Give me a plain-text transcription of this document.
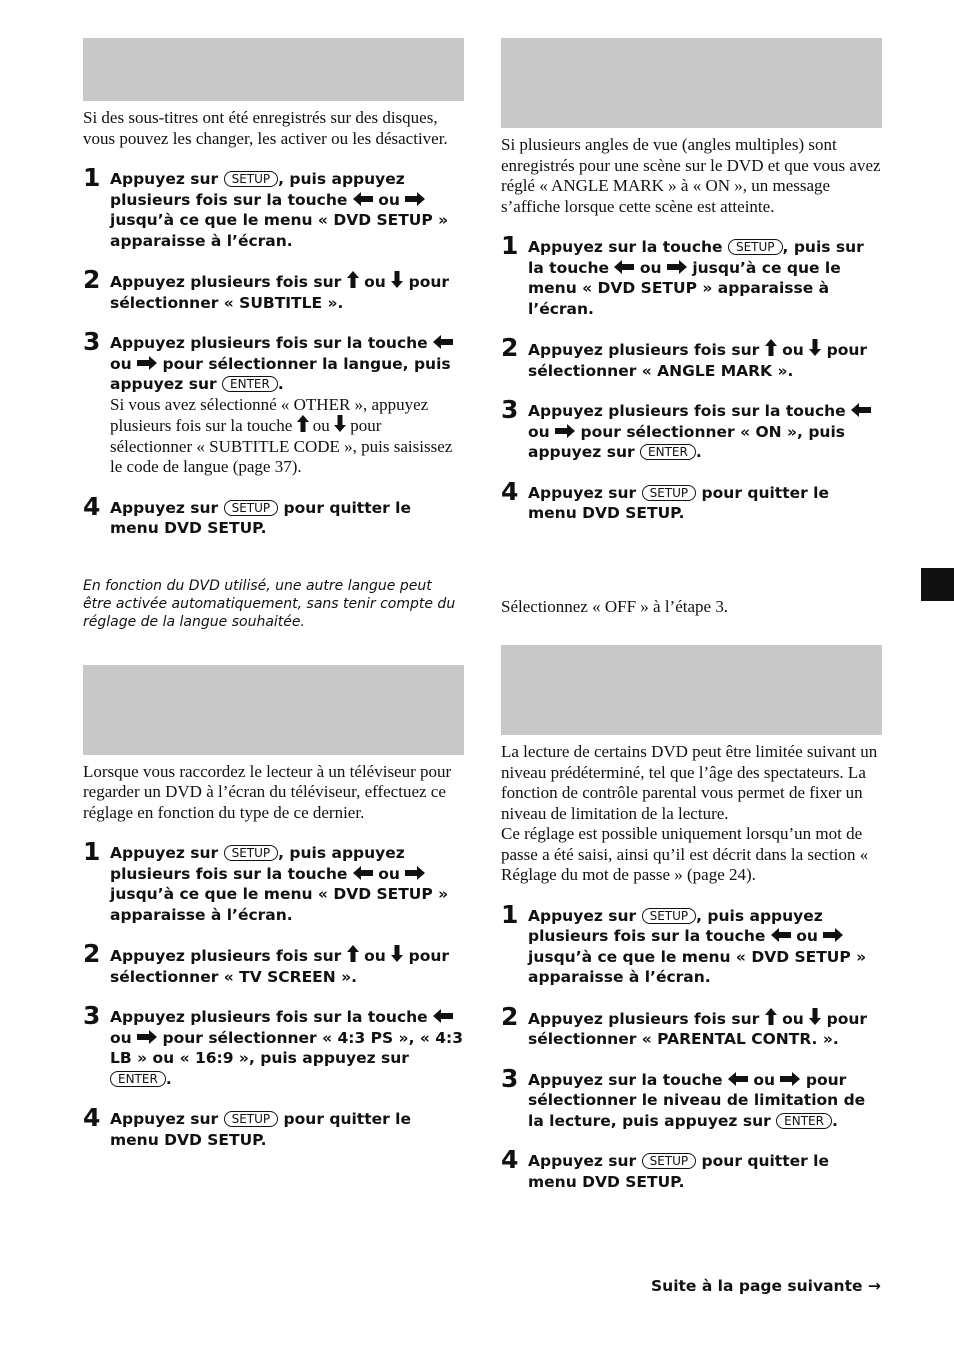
Si des sous-titres ont été enregistrés sur des disques, vous pouvez les changer, les activer ou les désactiver.

1 Appuyez sur SETUP , puis appuyez plusieurs fois sur la touche ou
jusqu’à ce que le menu « DVD SETUP » apparaisse à l’écran.
2 Appuyez plusieurs fois sur ou pour sélectionner « SUBTITLE ».
3 Appuyez plusieurs fois sur la touche
ou pour sélectionner la langue, puis appuyez sur ENTER .
Si vous avez sélectionné « OTHER », appuyez plusieurs fois sur la touche ou pour sélectionner « SUBTITLE CODE », puis saisissez le code de langue (page 37).
4 Appuyez sur SETUP pour quitter le menu DVD SETUP.

En fonction du DVD utilisé, une autre langue peut être activée automatiquement, sans tenir compte du réglage de la langue souhaitée.

Lorsque vous raccordez le lecteur à un téléviseur pour regarder un DVD à l’écran du téléviseur, effectuez ce réglage en fonction du type de ce dernier.

1 Appuyez sur SETUP , puis appuyez plusieurs fois sur la touche ou
jusqu’à ce que le menu « DVD SETUP » apparaisse à l’écran.
2 Appuyez plusieurs fois sur ou pour sélectionner « TV SCREEN ».
3 Appuyez plusieurs fois sur la touche
ou pour sélectionner « 4:3 PS », « 4:3 LB » ou « 16:9 », puis appuyez sur ENTER .
4 Appuyez sur SETUP pour quitter le menu DVD SETUP.

Si plusieurs angles de vue (angles multiples) sont enregistrés pour une scène sur le DVD et que vous avez réglé « ANGLE MARK » à « ON », un message s’affiche lorsque cette scène est atteinte.

1 Appuyez sur la touche SETUP , puis sur la touche ou jusqu’à ce que le menu « DVD SETUP » apparaisse à l’écran.
2 Appuyez plusieurs fois sur ou pour sélectionner « ANGLE MARK ».
3 Appuyez plusieurs fois sur la touche
ou pour sélectionner « ON », puis appuyez sur ENTER .
4 Appuyez sur SETUP pour quitter le menu DVD SETUP.

Sélectionnez « OFF » à l’étape 3.

La lecture de certains DVD peut être limitée suivant un niveau prédéterminé, tel que l’âge des spectateurs. La fonction de contrôle parental vous permet de fixer un niveau de limitation de la lecture.

Ce réglage est possible uniquement lorsqu’un mot de passe a été saisi, ainsi qu’il est décrit dans la section « Réglage du mot de passe » (page 24).

1 Appuyez sur SETUP , puis appuyez plusieurs fois sur la touche ou
jusqu’à ce que le menu « DVD SETUP » apparaisse à l’écran.
2 Appuyez plusieurs fois sur ou pour sélectionner « PARENTAL CONTR. ».
3 Appuyez sur la touche ou pour sélectionner le niveau de limitation de la lecture, puis appuyez sur ENTER .
4 Appuyez sur SETUP pour quitter le menu DVD SETUP.
Suite à la page suivante →
